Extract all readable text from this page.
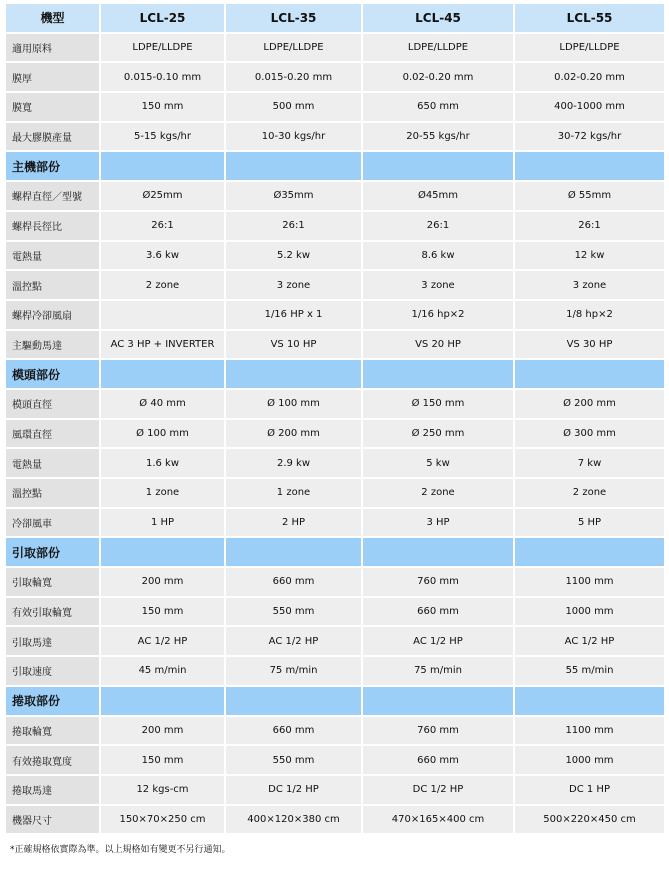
機型	LCL-25	LCL-35	LCL-45	LCL-55
適用原料	LDPE/LLDPE	LDPE/LLDPE	LDPE/LLDPE	LDPE/LLDPE
膜厚	0.015-0.10 mm	0.015-0.20 mm	0.02-0.20 mm	0.02-0.20 mm
膜寬	150 mm	500 mm	650 mm	400-1000 mm
最大膠膜產量	5-15 kgs/hr	10-30 kgs/hr	20-55 kgs/hr	30-72 kgs/hr
主機部份				
螺桿直徑／型號	Ø25mm	Ø35mm	Ø45mm	Ø 55mm
螺桿長徑比	26:1	26:1	26:1	26:1
電熱量	3.6 kw	5.2 kw	8.6 kw	12 kw
溫控點	2 zone	3 zone	3 zone	3 zone
螺桿冷卻風扇		1/16 HP x 1	1/16 hp×2	1/8 hp×2
主驅動馬達	AC 3 HP + INVERTER	VS 10 HP	VS 20 HP	VS 30 HP
模頭部份				
模頭直徑	Ø 40 mm	Ø 100 mm	Ø 150 mm	Ø 200 mm
風環直徑	Ø 100 mm	Ø 200 mm	Ø 250 mm	Ø 300 mm
電熱量	1.6 kw	2.9 kw	5 kw	7 kw
溫控點	1 zone	1 zone	2 zone	2 zone
冷卻風車	1 HP	2 HP	3 HP	5 HP
引取部份				
引取輪寬	200 mm	660 mm	760 mm	1100 mm
有效引取輪寬	150 mm	550 mm	660 mm	1000 mm
引取馬達	AC 1/2 HP	AC 1/2 HP	AC 1/2 HP	AC 1/2 HP
引取速度	45 m/min	75 m/min	75 m/min	55 m/min
捲取部份				
捲取輪寬	200 mm	660 mm	760 mm	1100 mm
有效捲取寬度	150 mm	550 mm	660 mm	1000 mm
捲取馬達	12 kgs-cm	DC 1/2 HP	DC 1/2 HP	DC 1 HP
機器尺寸	150×70×250 cm	400×120×380 cm	470×165×400 cm	500×220×450 cm
*正確規格依實際為準。以上規格如有變更不另行通知。
